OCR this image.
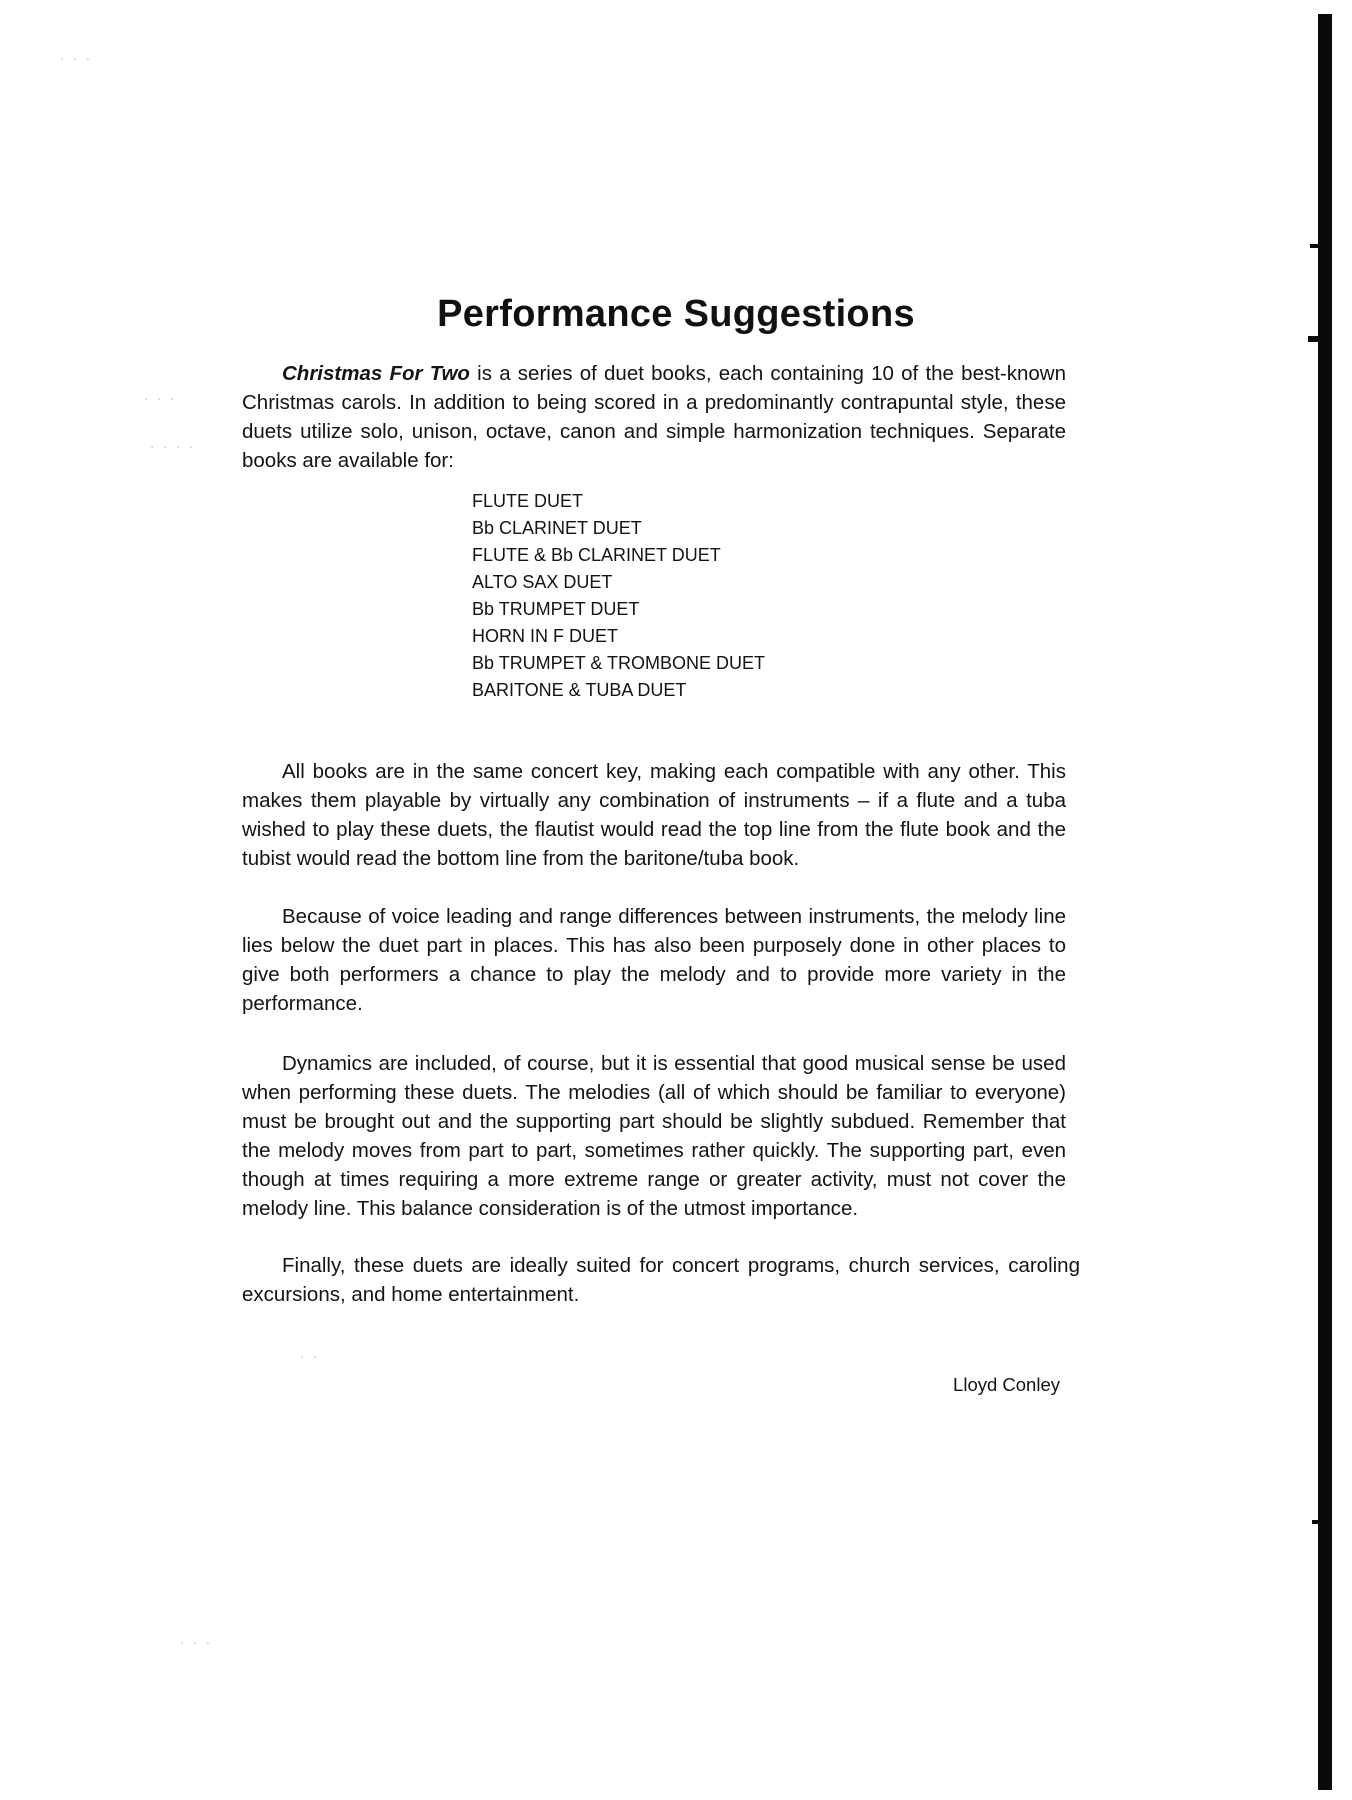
· · ·
· · ·
· · · ·
· ·
· · ·
Performance Suggestions
Christmas For Two is a series of duet books, each containing 10 of the best-known Christmas carols. In addition to being scored in a predominantly contrapuntal style, these duets utilize solo, unison, octave, canon and simple harmonization techniques. Separate books are available for:
FLUTE DUET
Bb CLARINET DUET
FLUTE & Bb CLARINET DUET
ALTO SAX DUET
Bb TRUMPET DUET
HORN IN F DUET
Bb TRUMPET & TROMBONE DUET
BARITONE & TUBA DUET
All books are in the same concert key, making each compatible with any other. This makes them playable by virtually any combination of instruments – if a flute and a tuba wished to play these duets, the flautist would read the top line from the flute book and the tubist would read the bottom line from the baritone/tuba book.
Because of voice leading and range differences between instruments, the melody line lies below the duet part in places. This has also been purposely done in other places to give both performers a chance to play the melody and to provide more variety in the performance.
Dynamics are included, of course, but it is essential that good musical sense be used when performing these duets. The melodies (all of which should be familiar to everyone) must be brought out and the supporting part should be slightly subdued. Remember that the melody moves from part to part, sometimes rather quickly. The supporting part, even though at times requiring a more extreme range or greater activity, must not cover the melody line. This balance consideration is of the utmost importance.
Finally, these duets are ideally suited for concert programs, church services, caroling excursions, and home entertainment.
Lloyd Conley
